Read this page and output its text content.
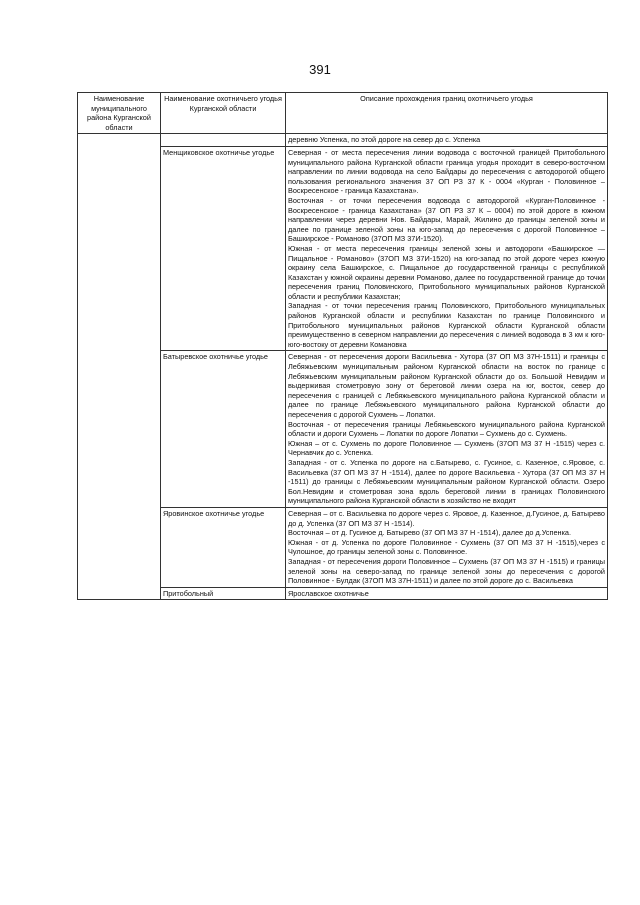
391
Наименование муниципального района Курганской области	Наименование охотничьего угодья Курганской области	Описание прохождения границ охотничьего угодья	
		деревню Успенка, по этой дороге на север до с. Успенка	
	Менщиковское охотничье угодье	Северная - от места пересечения линии водовода с восточной границей Притобольного муниципального района Курганской области граница угодья проходит в северо-восточном направлении по линии водовода на село Байдары до пересечения с автодорогой общего пользования регионального значения 37 ОП РЗ 37 К - 0004 «Курган - Половинное – Воскресенское - граница Казахстана».

Восточная - от точки пересечения водовода с автодорогой «Курган-Половинное - Воскресенское - граница Казахстана» (37 ОП РЗ 37 К – 0004) по этой дороге в южном направлении через деревни Нов. Байдары, Марай, Жилино до границы зеленой зоны и далее по границе зеленой зоны на юго-запад до пересечения с дорогой Половинное – Башкирское - Романово (37ОП МЗ 37И-1520).

Южная - от места пересечения границы зеленой зоны и автодороги «Башкирское — Пищальное - Романово» (37ОП МЗ 37И-1520) на юго-запад по этой дороге через южную окраину села Башкирское, с. Пищальное до государственной границы с республикой Казахстан у южной окраины деревни Романово, далее по государственной границе до точки пересечения границ Половинского, Притобольного муниципальных районов Курганской области и республики Казахстан;

Западная - от точки пересечения границ Половинского, Притобольного муниципальных районов Курганской области и республики Казахстан по границе Половинского и Притобольного муниципальных районов Курганской области Курганской области преимущественно в северном направлении до пересечения с линией водовода в 3 км к юго-юго-востоку от деревни Комановка	

	Батыревское охотничье угодье	Северная - от пересечения дороги Васильевка - Хутора (37 ОП МЗ 37Н-1511) и границы с Лебяжьевским муниципальным районом Курганской области на восток по границе с Лебяжьевским муниципальным районом Курганской области до оз. Большой Невидим и выдерживая стометровую зону от береговой линии озера на юг, восток, север до пересечения с границей с Лебяжьевского муниципального района Курганской области и далее по границе Лебяжьевского муниципального района Курганской области до пересечения с дорогой Сухмень – Лопатки.

Восточная - от пересечения границы Лебяжьевского муниципального района Курганской области и дороги Сухмень – Лопатки по дороге Лопатки – Сухмень до с. Сухмень.

Южная – от с. Сухмень по дороге Половинное — Сухмень (37ОП МЗ 37 Н -1515) через с. Чернавчик до с. Успенка.

Западная - от с. Успенка по дороге на с.Батырево, с. Гусиное, с. Казенное, с.Яровое, с. Васильевка (37 ОП МЗ 37 Н -1514), далее по дороге Васильевка - Хутора (37 ОП МЗ 37 Н -1511) до границы с Лебяжьевским муниципальным районом Курганской области. Озеро Бол.Невидим и стометровая зона вдоль береговой линии в границах Половинского муниципального района Курганской области в хозяйство не входит	

	Яровинское охотничье угодье	Северная – от с. Васильевка по дороге через с. Яровое, д. Казенное, д.Гусиное, д. Батырево до д. Успенка (37 ОП МЗ 37 Н -1514).

Восточная – от д. Гусиное д. Батырево (37 ОП МЗ 37 Н -1514), далее до д.Успенка.

Южная - от д. Успенка по дороге Половинное - Сухмень (37 ОП МЗ 37 Н -1515),через с Чулошное, до границы зеленой зоны с. Половинное.

Западная - от пересечения дороги Половинное – Сухмень (37 ОП МЗ 37 Н -1515) и границы зеленой зоны на северо-запад по границе зеленой зоны до пересечения с дорогой Половинное - Булдак (37ОП МЗ 37Н-1511) и далее по этой дороге до с. Васильевка	

	Притобольный	Ярославское охотничье	
